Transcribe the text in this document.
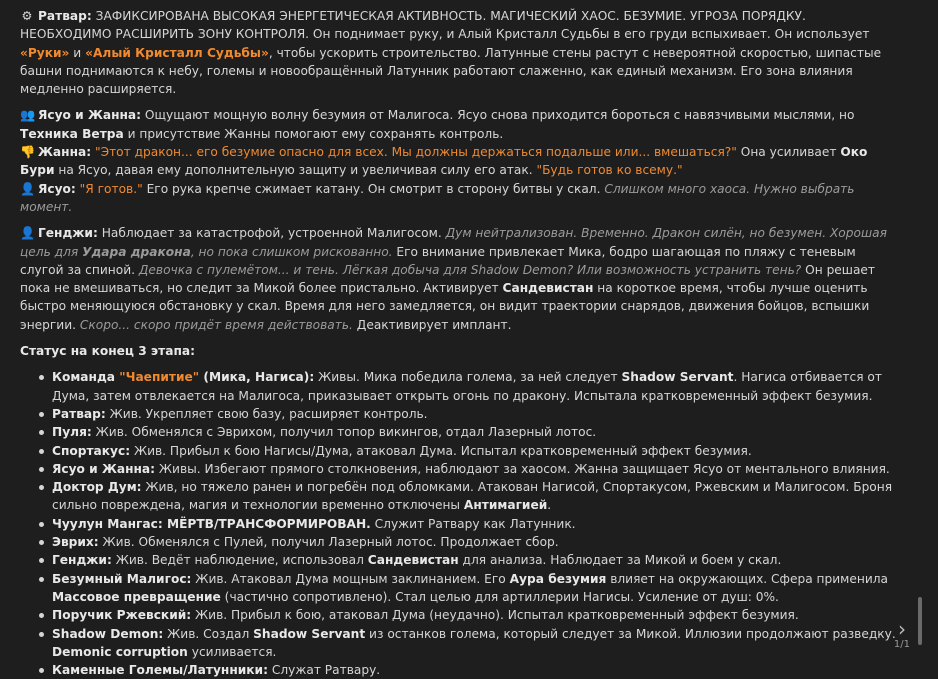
⚙ Ратвар: ЗАФИКСИРОВАНА ВЫСОКАЯ ЭНЕРГЕТИЧЕСКАЯ АКТИВНОСТЬ. МАГИЧЕСКИЙ ХАОС. БЕЗУМИЕ. УГРОЗА ПОРЯДКУ. НЕОБХОДИМО РАСШИРИТЬ ЗОНУ КОНТРОЛЯ. Он поднимает руку, и Алый Кристалл Судьбы в его груди вспыхивает. Он использует «Руки» и «Алый Кристалл Судьбы», чтобы ускорить строительство. Латунные стены растут с невероятной скоростью, шипастые башни поднимаются к небу, големы и новообращённый Латунник работают слаженно, как единый механизм. Его зона влияния медленно расширяется.

👥 Ясуо и Жанна: Ощущают мощную волну безумия от Малигоса. Ясуо снова приходится бороться с навязчивыми мыслями, но Техника Ветра и присутствие Жанны помогают ему сохранять контроль.

👎 Жанна: "Этот дракон... его безумие опасно для всех. Мы должны держаться подальше или... вмешаться?" Она усиливает Око Бури на Ясуо, давая ему дополнительную защиту и увеличивая силу его атак. "Будь готов ко всему."

👤 Ясуо: "Я готов." Его рука крепче сжимает катану. Он смотрит в сторону битвы у скал. Слишком много хаоса. Нужно выбрать момент.

👤 Генджи: Наблюдает за катастрофой, устроенной Малигосом. Дум нейтрализован. Временно. Дракон силён, но безумен. Хорошая цель для Удара дракона, но пока слишком рискованно. Его внимание привлекает Мика, бодро шагающая по пляжу с теневым слугой за спиной. Девочка с пулемётом... и тень. Лёгкая добыча для Shadow Demon? Или возможность устранить тень? Он решает пока не вмешиваться, но следит за Микой более пристально. Активирует Сандевистан на короткое время, чтобы лучше оценить быстро меняющуюся обстановку у скал. Время для него замедляется, он видит траектории снарядов, движения бойцов, вспышки энергии. Скоро... скоро придёт время действовать. Деактивирует имплант.

Статус на конец 3 этапа:

Команда "Чаепитие" (Мика, Нагиса): Живы. Мика победила голема, за ней следует Shadow Servant. Нагиса отбивается от Дума, затем отвлекается на Малигоса, приказывает открыть огонь по дракону. Испытала кратковременный эффект безумия.
Ратвар: Жив. Укрепляет свою базу, расширяет контроль.
Пуля: Жив. Обменялся с Эврихом, получил топор викингов, отдал Лазерный лотос.
Спортакус: Жив. Прибыл к бою Нагисы/Дума, атаковал Дума. Испытал кратковременный эффект безумия.
Ясуо и Жанна: Живы. Избегают прямого столкновения, наблюдают за хаосом. Жанна защищает Ясуо от ментального влияния.
Доктор Дум: Жив, но тяжело ранен и погребён под обломками. Атакован Нагисой, Спортакусом, Ржевским и Малигосом. Броня сильно повреждена, магия и технологии временно отключены Антимагией.
Чуулун Мангас: МЁРТВ/ТРАНСФОРМИРОВАН. Служит Ратвару как Латунник.
Эврих: Жив. Обменялся с Пулей, получил Лазерный лотос. Продолжает сбор.
Генджи: Жив. Ведёт наблюдение, использовал Сандевистан для анализа. Наблюдает за Микой и боем у скал.
Безумный Малигос: Жив. Атаковал Дума мощным заклинанием. Его Аура безумия влияет на окружающих. Сфера применила Массовое превращение (частично сопротивлено). Стал целью для артиллерии Нагисы. Усиление от душ: 0%.
Поручик Ржевский: Жив. Прибыл к бою, атаковал Дума (неудачно). Испытал кратковременный эффект безумия.
Shadow Demon: Жив. Создал Shadow Servant из останков голема, который следует за Микой. Иллюзии продолжают разведку. Demonic corruption усиливается.
Каменные Големы/Латунники: Служат Ратвару.
›
1/1
